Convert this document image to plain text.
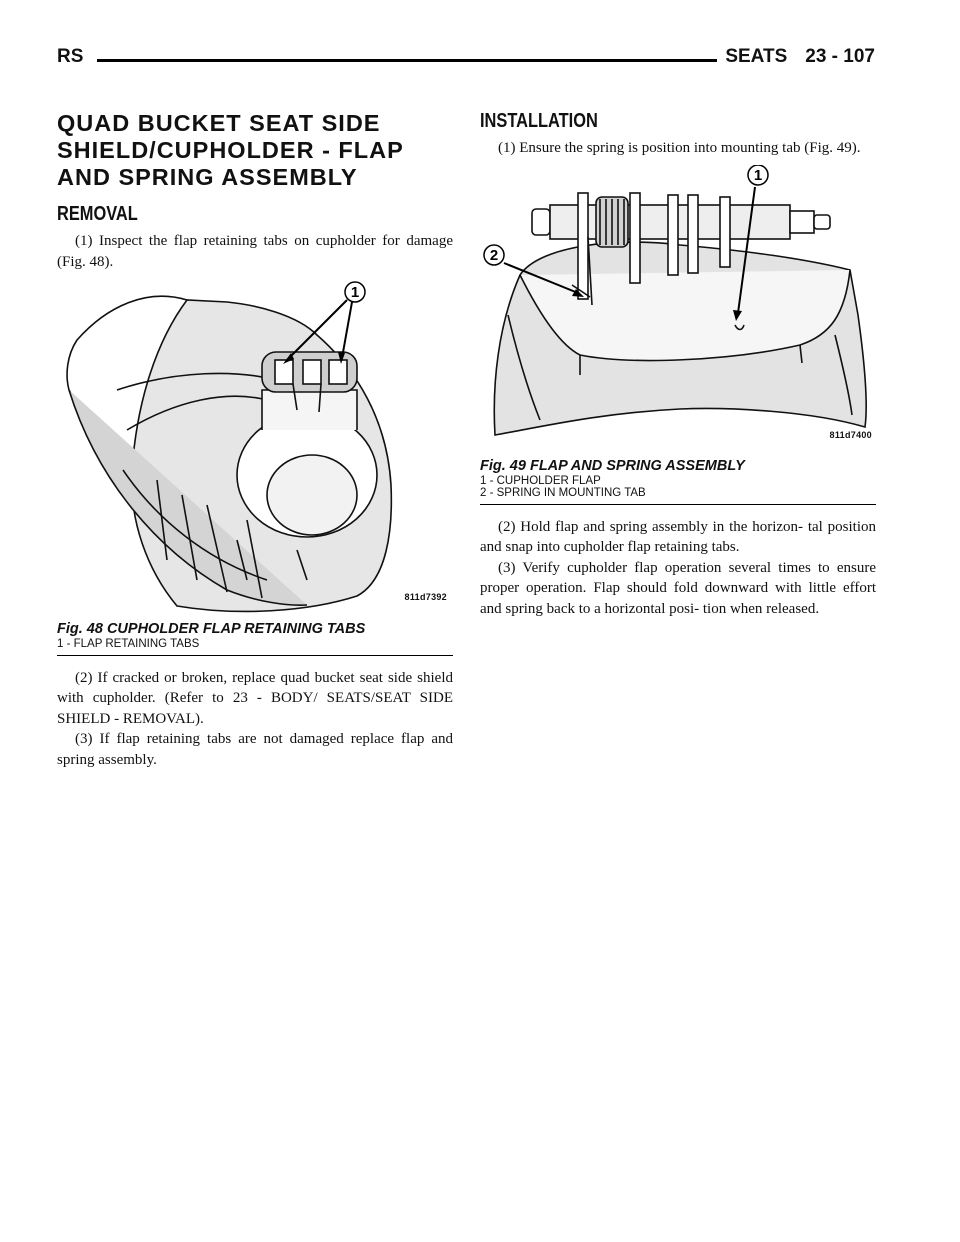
RS	SEATS 23 - 107
QUAD BUCKET SEAT SIDE SHIELD/CUPHOLDER - FLAP AND SPRING ASSEMBLY
REMOVAL

(1) Inspect the flap retaining tabs on cupholder for damage (Fig. 48).

1
811d7392
Fig. 48 CUPHOLDER FLAP RETAINING TABS
1 - FLAP RETAINING TABS

(2) If cracked or broken, replace quad bucket seat side shield with cupholder. (Refer to 23 - BODY/ SEATS/SEAT SIDE SHIELD - REMOVAL).

(3) If flap retaining tabs are not damaged replace flap and spring assembly.

INSTALLATION

(1) Ensure the spring is position into mounting tab (Fig. 49).

1
2
811d7400
Fig. 49 FLAP AND SPRING ASSEMBLY
1 - CUPHOLDER FLAP
2 - SPRING IN MOUNTING TAB

(2) Hold flap and spring assembly in the horizon- tal position and snap into cupholder flap retaining tabs.

(3) Verify cupholder flap operation several times to ensure proper operation. Flap should fold downward with little effort and spring back to a horizontal posi- tion when released.
